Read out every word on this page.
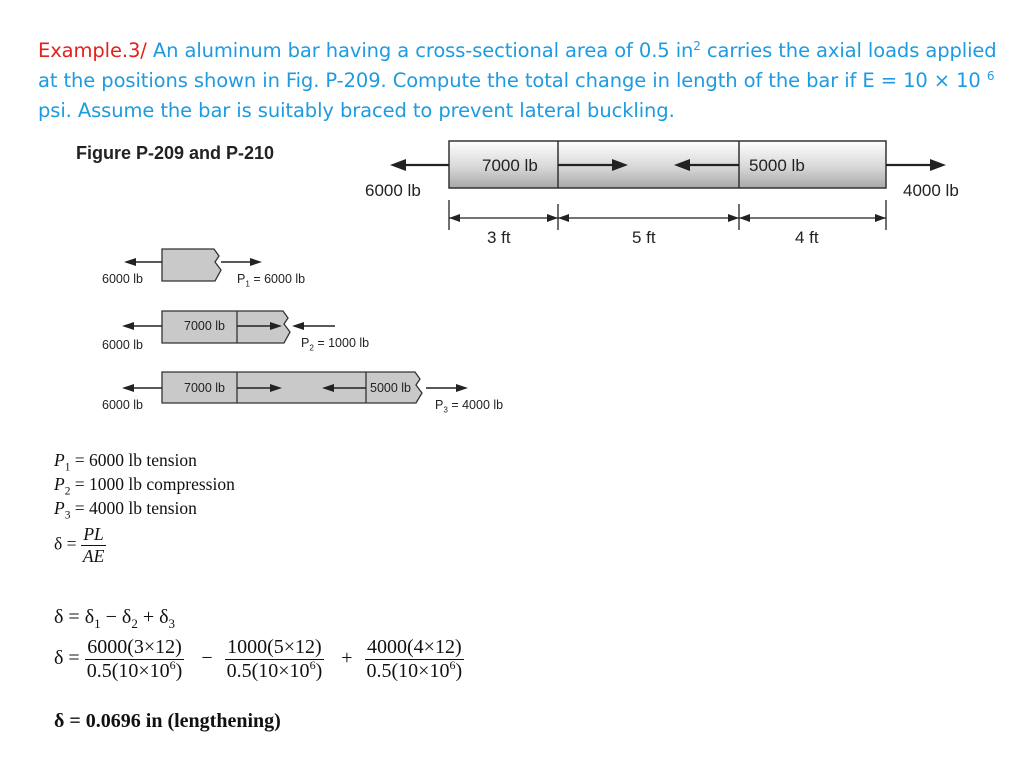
Example.3/ An aluminum bar having a cross-sectional area of 0.5 $in^2$ carries the axial loads applied at the positions shown in Fig. P-209. Compute the total change in length of the bar if E = 10 × 10 $^6$ psi. Assume the bar is suitably braced to prevent lateral buckling.
Figure P-209 and P-210
7000 lb	5000 lb
6000 lb	4000 lb
3 ft	5 ft	4 ft
6000 lb	$P_1 = 6000$ lb
7000 lb
6000 lb	$P_2 = 1000$ lb
7000 lb	5000 lb
6000 lb	$P_3 = 4000$ lb
$P_1 = 6000$ lb tension
$P_2 = 1000$ lb compression
$P_3 = 4000$ lb tension
$\delta = \frac{PL}{AE}$
$\delta = \delta_1 - \delta_2 + \delta_3$
$\delta = \frac{6000(3\times 12)}{0.5(10\times 10^6)} - \frac{1000(5\times 12)}{0.5(10\times 10^6)} + \frac{4000(4\times 12)}{0.5(10\times 10^6)}$
δ = 0.0696 in (lengthening)
